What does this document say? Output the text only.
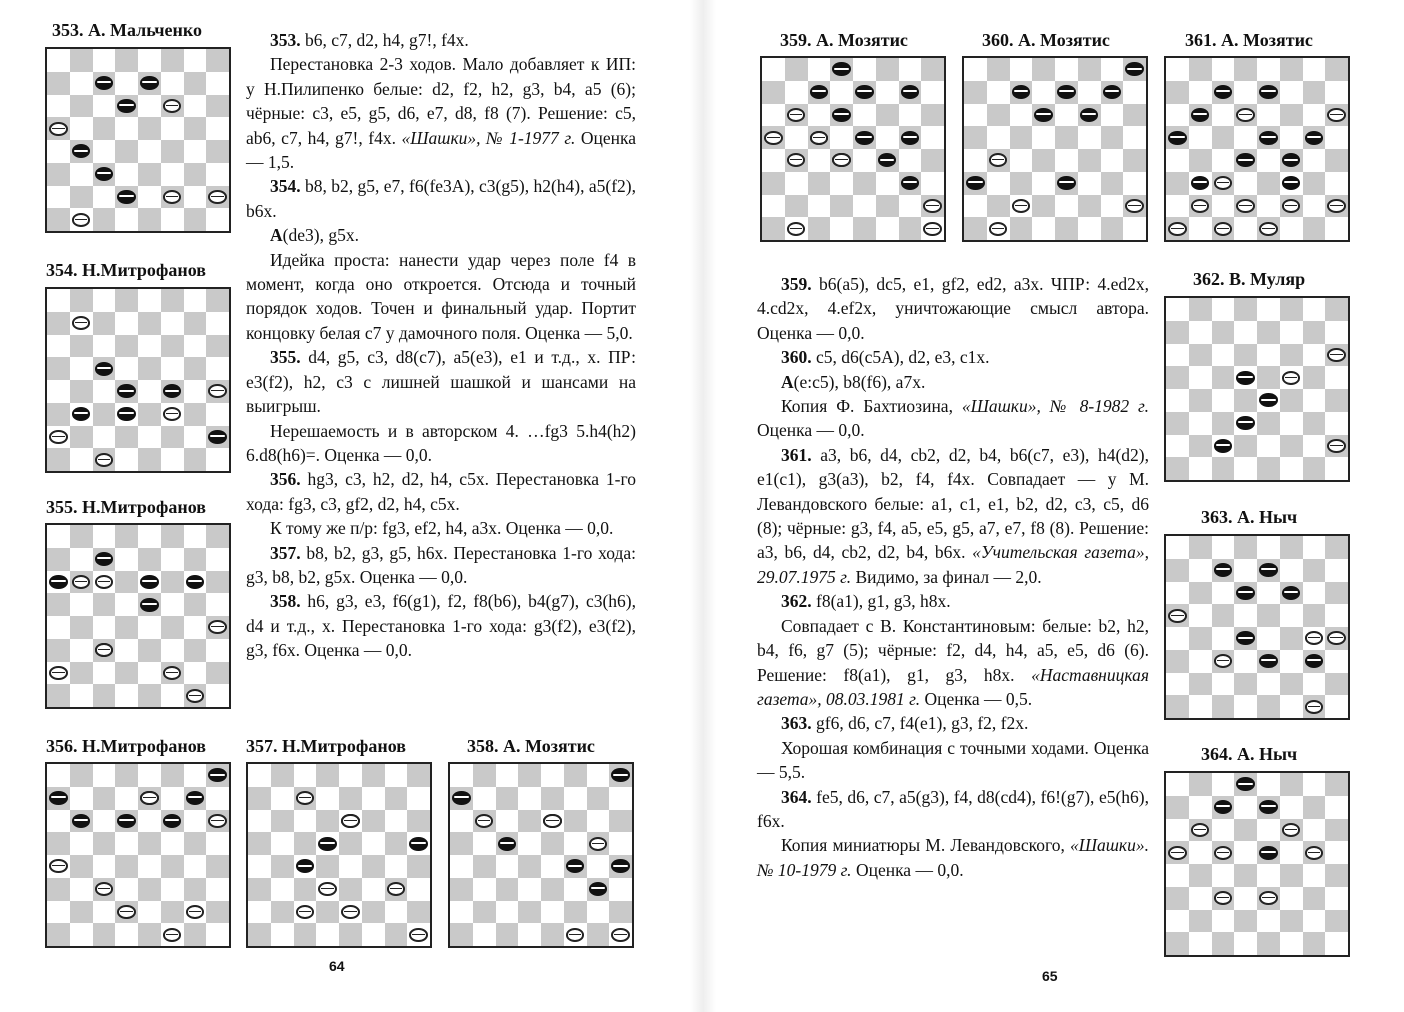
64
65

353. b6, c7, d2, h4, g7!, f4х.

Перестановка 2-3 ходов. Мало добавляет к ИП: у Н.Пилипенко белые: d2, f2, h2, g3, b4, a5 (6); чёрные: c3, e5, g5, d6, e7, d8, f8 (7). Решение: c5, ab6, c7, h4, g7!, f4х. «Шашки», № 1-1977 г. Оценка — 1,5.

354. b8, b2, g5, e7, f6(fe3A), c3(g5), h2(h4), a5(f2), b6х.

A(de3), g5х.

Идейка проста: нанести удар через поле f4 в момент, когда оно откроется. Отсюда и точный порядок ходов. Точен и финальный удар. Портит концовку белая с7 у дамочного поля. Оценка — 5,0.

355. d4, g5, c3, d8(c7), a5(e3), e1 и т.д., х. ПР: e3(f2), h2, c3 с лишней шашкой и шансами на выигрыш.

Нерешаемость и в авторском 4. …fg3 5.h4(h2) 6.d8(h6)=. Оценка — 0,0.

356. hg3, c3, h2, d2, h4, c5х. Перестановка 1-го хода: fg3, c3, gf2, d2, h4, c5х.

К тому же п/р: fg3, ef2, h4, a3х. Оценка — 0,0.

357. b8, b2, g3, g5, h6х. Перестановка 1-го хода: g3, b8, b2, g5х. Оценка — 0,0.

358. h6, g3, e3, f6(g1), f2, f8(b6), b4(g7), c3(h6), d4 и т.д., х. Перестановка 1-го хода: g3(f2), e3(f2), g3, f6х. Оценка — 0,0.

359. b6(a5), dc5, e1, gf2, ed2, a3х. ЧПР: 4.ed2х, 4.cd2х, 4.ef2х, уничтожающие смысл автора. Оценка — 0,0.

360. c5, d6(c5A), d2, e3, c1х.

A(e:c5), b8(f6), a7х.

Копия Ф. Бахтиозина, «Шашки», № 8-1982 г. Оценка — 0,0.

361. a3, b6, d4, cb2, d2, b4, b6(c7, e3), h4(d2), e1(c1), g3(a3), b2, f4, f4х. Совпадает — у М. Левандовского белые: a1, c1, e1, b2, d2, c3, c5, d6 (8); чёрные: g3, f4, a5, e5, g5, a7, e7, f8 (8). Решение: a3, b6, d4, cb2, d2, b4, b6х. «Учительская газета», 29.07.1975 г. Видимо, за финал — 2,0.

362. f8(a1), g1, g3, h8х.

Совпадает с В. Константиновым: белые: b2, h2, b4, f6, g7 (5); чёрные: f2, d4, h4, a5, e5, d6 (6). Решение: f8(a1), g1, g3, h8х. «Наставницкая газета», 08.03.1981 г. Оценка — 0,5.

363. gf6, d6, c7, f4(e1), g3, f2, f2х.

Хорошая комбинация с точными ходами. Оценка — 5,5.

364. fe5, d6, c7, a5(g3), f4, d8(cd4), f6!(g7), e5(h6), f6х.

Копия миниатюры М. Левандовского, «Шашки». № 10-1979 г. Оценка — 0,0.

353. А. Мальченко
354. Н.Митрофанов
355. Н.Митрофанов
356. Н.Митрофанов 357. Н.Митрофанов	358. А. Мозятис
359. А. Мозятис	360. А. Мозятис	361. А. Мозятис
362. В. Муляр
363. А. Ныч
364. А. Ныч
